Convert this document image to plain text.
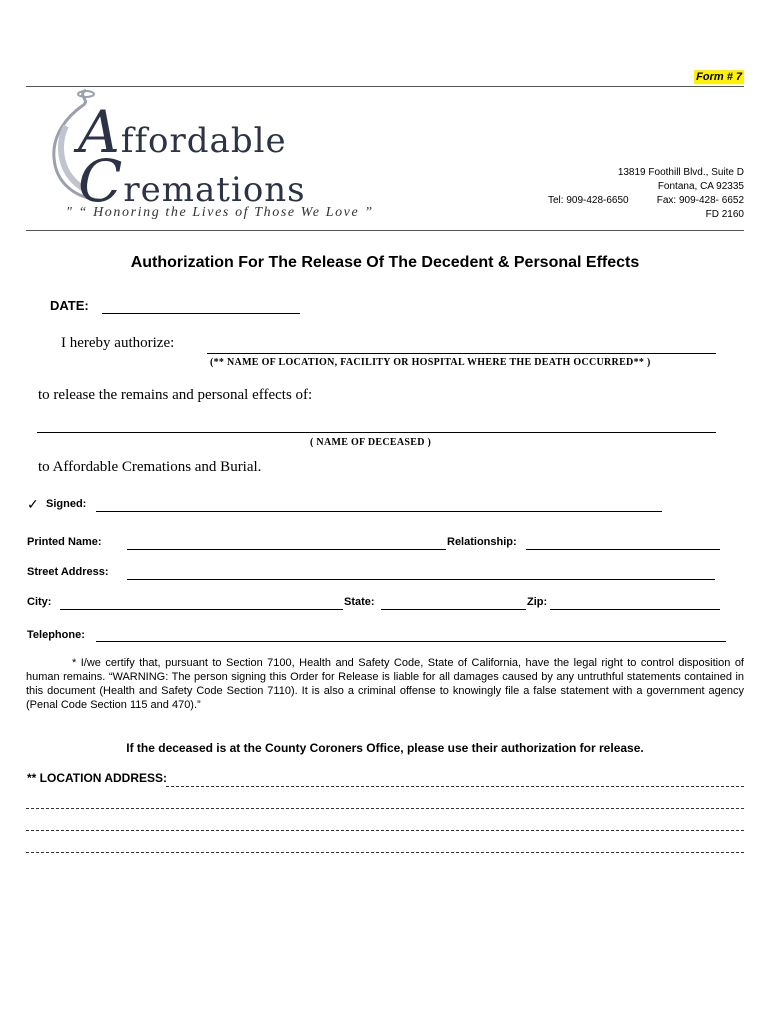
Form # 7
Affordable
Cremations
" “ Honoring the Lives of Those We Love ”
13819 Foothill Blvd., Suite D
Fontana, CA 92335
Tel: 909-428-6650	Fax: 909-428- 6652
FD 2160
Authorization For The Release Of The Decedent & Personal Effects
DATE:
I hereby authorize:
(** NAME OF LOCATION, FACILITY OR HOSPITAL WHERE THE DEATH OCCURRED** )
to release the remains and personal effects of:
( NAME OF DECEASED )
to Affordable Cremations and Burial.
✓ Signed:
Printed Name:	Relationship:
Street Address:
City:	State:	Zip:
Telephone:
* I/we certify that, pursuant to Section 7100, Health and Safety Code, State of California, have the legal right to control disposition of human remains. “WARNING: The person signing this Order for Release is liable for all damages caused by any untruthful statements contained in this document (Health and Safety Code Section 7110). It is also a criminal offense to knowingly file a false statement with a government agency (Penal Code Section 115 and 470).”
If the deceased is at the County Coroners Office, please use their authorization for release.
** LOCATION ADDRESS:
